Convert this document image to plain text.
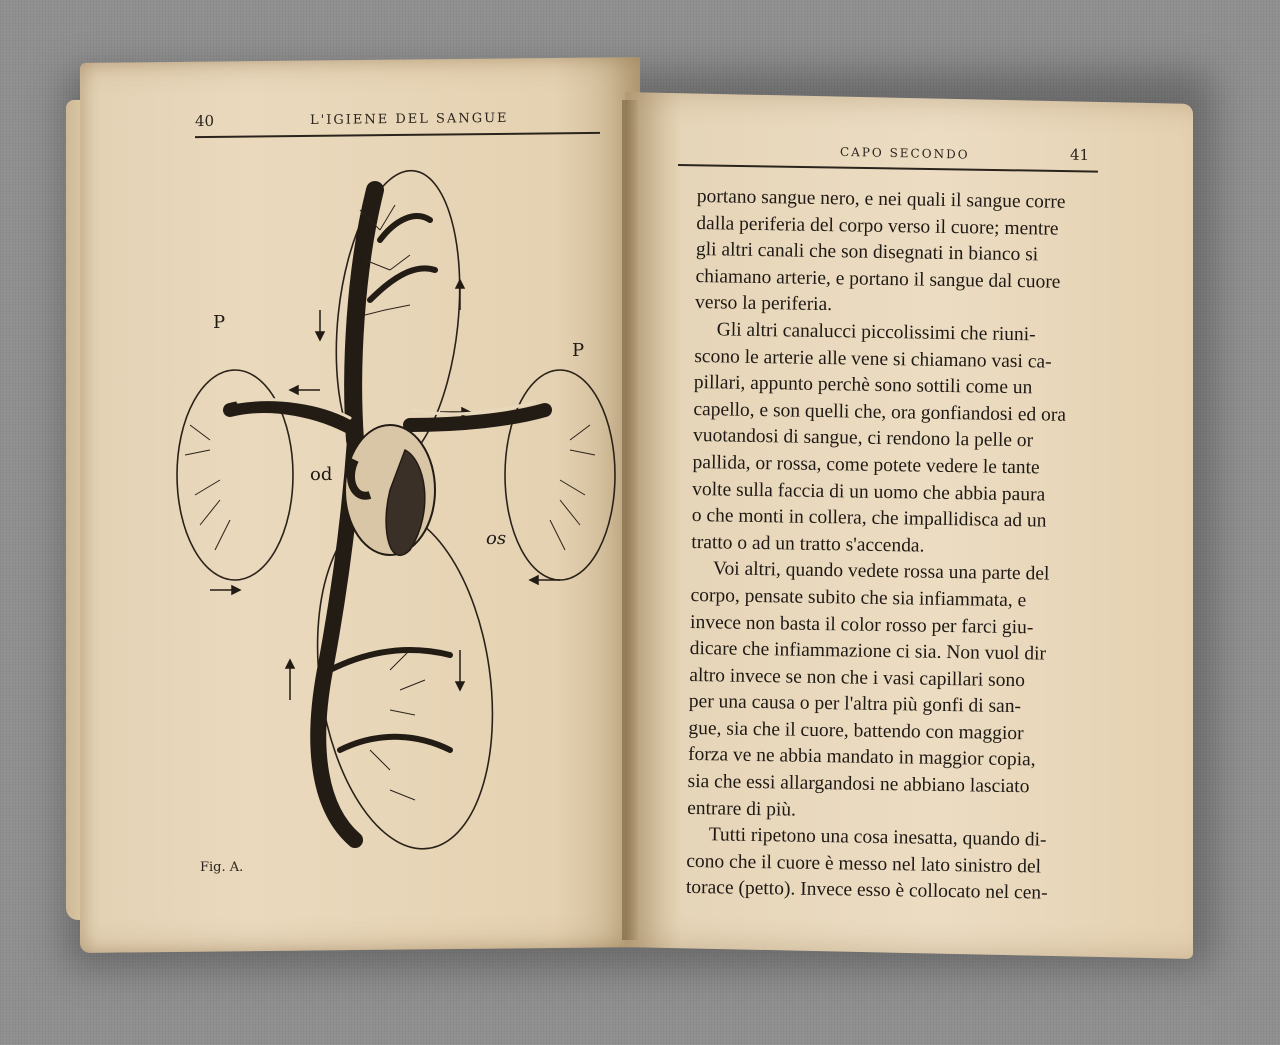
40	L'IGIENE DEL SANGUE
P
P
od
os
Fig. A.
CAPO SECONDO	41
portano sangue nero, e nei quali il sangue corre
dalla periferia del corpo verso il cuore; mentre
gli altri canali che son disegnati in bianco si
chiamano arterie, e portano il sangue dal cuore
verso la periferia.
Gli altri canalucci piccolissimi che riuni-
scono le arterie alle vene si chiamano vasi ca-
pillari, appunto perchè sono sottili come un
capello, e son quelli che, ora gonfiandosi ed ora
vuotandosi di sangue, ci rendono la pelle or
pallida, or rossa, come potete vedere le tante
volte sulla faccia di un uomo che abbia paura
o che monti in collera, che impallidisca ad un
tratto o ad un tratto s'accenda.
Voi altri, quando vedete rossa una parte del
corpo, pensate subito che sia infiammata, e
invece non basta il color rosso per farci giu-
dicare che infiammazione ci sia. Non vuol dir
altro invece se non che i vasi capillari sono
per una causa o per l'altra più gonfi di san-
gue, sia che il cuore, battendo con maggior
forza ve ne abbia mandato in maggior copia,
sia che essi allargandosi ne abbiano lasciato
entrare di più.
Tutti ripetono una cosa inesatta, quando di-
cono che il cuore è messo nel lato sinistro del
torace (petto). Invece esso è collocato nel cen-
